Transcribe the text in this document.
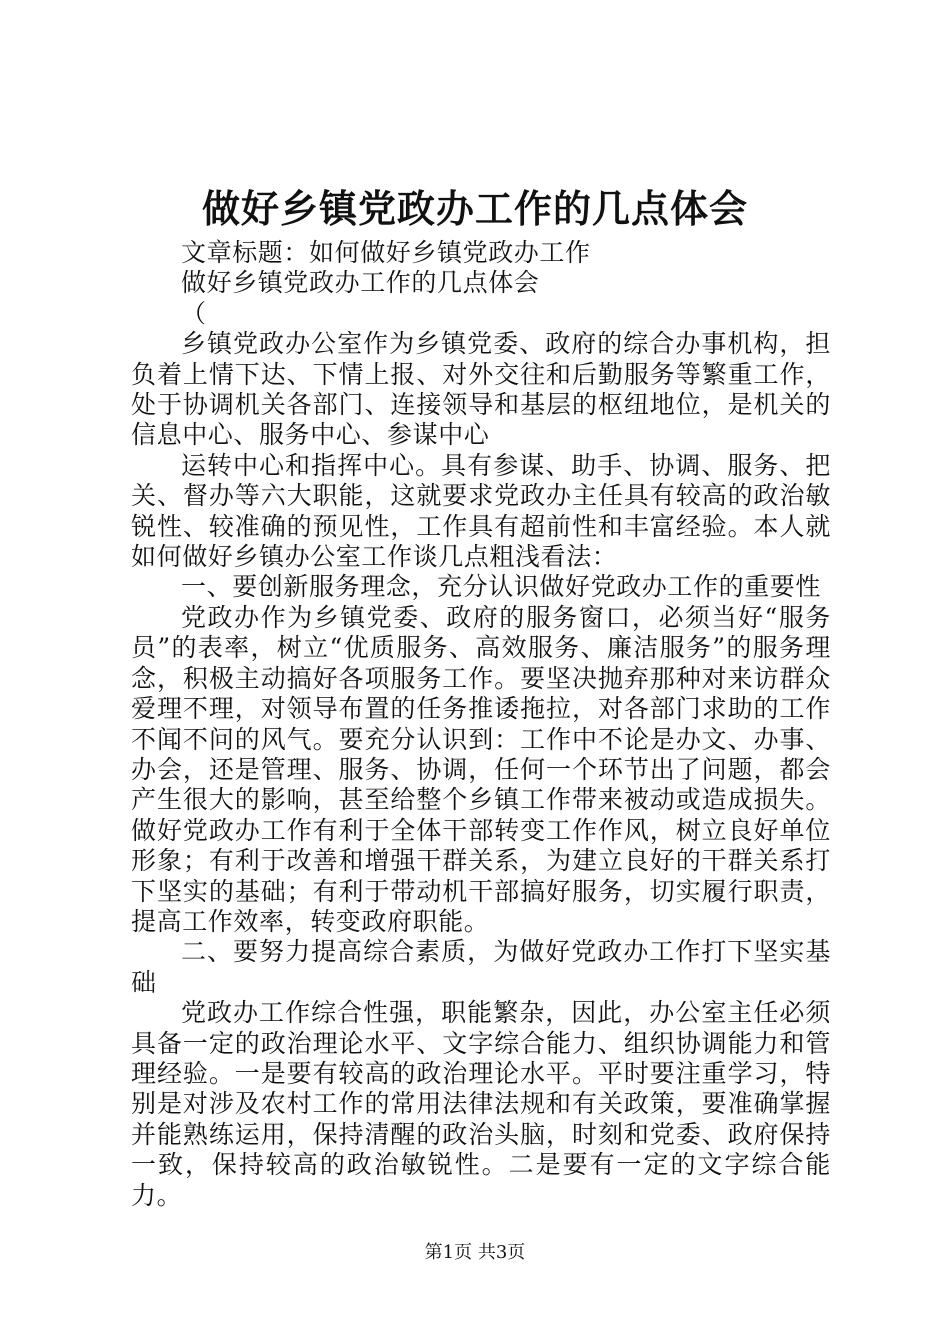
做好乡镇党政办工作的几点体会

文章标题：如何做好乡镇党政办工作

做好乡镇党政办工作的几点体会

（

乡镇党政办公室作为乡镇党委、政府的综合办事机构，担负着上情下达、下情上报、对外交往和后勤服务等繁重工作，处于协调机关各部门、连接领导和基层的枢纽地位，是机关的信息中心、服务中心、参谋中心

运转中心和指挥中心。具有参谋、助手、协调、服务、把关、督办等六大职能，这就要求党政办主任具有较高的政治敏锐性、较准确的预见性，工作具有超前性和丰富经验。本人就如何做好乡镇办公室工作谈几点粗浅看法：

一、要创新服务理念，充分认识做好党政办工作的重要性

党政办作为乡镇党委、政府的服务窗口，必须当好“服务员”的表率，树立“优质服务、高效服务、廉洁服务”的服务理念，积极主动搞好各项服务工作。要坚决抛弃那种对来访群众爱理不理，对领导布置的任务推诿拖拉，对各部门求助的工作不闻不问的风气。要充分认识到：工作中不论是办文、办事、办会，还是管理、服务、协调，任何一个环节出了问题，都会产生很大的影响，甚至给整个乡镇工作带来被动或造成损失。做好党政办工作有利于全体干部转变工作作风，树立良好单位形象；有利于改善和增强干群关系，为建立良好的干群关系打下坚实的基础；有利于带动机干部搞好服务，切实履行职责，提高工作效率，转变政府职能。

二、要努力提高综合素质，为做好党政办工作打下坚实基础

党政办工作综合性强，职能繁杂，因此，办公室主任必须具备一定的政治理论水平、文字综合能力、组织协调能力和管理经验。一是要有较高的政治理论水平。平时要注重学习，特别是对涉及农村工作的常用法律法规和有关政策，要准确掌握并能熟练运用，保持清醒的政治头脑，时刻和党委、政府保持一致，保持较高的政治敏锐性。二是要有一定的文字综合能力。

第1页 共3页
